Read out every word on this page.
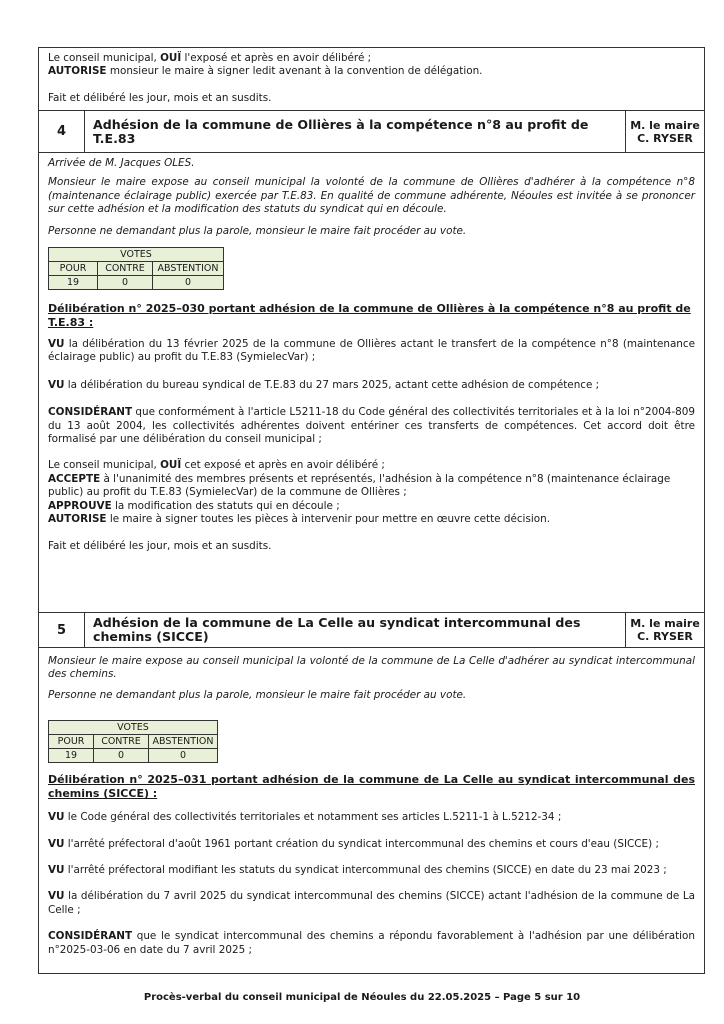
Le conseil municipal, OUÏ l'exposé et après en avoir délibéré ;

AUTORISE monsieur le maire à signer ledit avenant à la convention de délégation.

Fait et délibéré les jour, mois et an susdits.

4	Adhésion de la commune de Ollières à la compétence n°8 au profit de T.E.83
M. le maire
C. RYSER

Arrivée de M. Jacques OLES.

Monsieur le maire expose au conseil municipal la volonté de la commune de Ollières d'adhérer à la compétence n°8 (maintenance éclairage public) exercée par T.E.83. En qualité de commune adhérente, Néoules est invitée à se prononcer sur cette adhésion et la modification des statuts du syndicat qui en découle.

Personne ne demandant plus la parole, monsieur le maire fait procéder au vote.

VOTES		
POUR	CONTRE	ABSTENTION
19	0	0

Délibération n° 2025–030 portant adhésion de la commune de Ollières à la compétence n°8 au profit de T.E.83 :

VU la délibération du 13 février 2025 de la commune de Ollières actant le transfert de la compétence n°8 (maintenance éclairage public) au profit du T.E.83 (SymielecVar) ;

VU la délibération du bureau syndical de T.E.83 du 27 mars 2025, actant cette adhésion de compétence ;

CONSIDÉRANT que conformément à l'article L5211-18 du Code général des collectivités territoriales et à la loi n°2004-809 du 13 août 2004, les collectivités adhérentes doivent entériner ces transferts de compétences. Cet accord doit être formalisé par une délibération du conseil municipal ;

Le conseil municipal, OUÏ cet exposé et après en avoir délibéré ;

ACCEPTE à l'unanimité des membres présents et représentés, l'adhésion à la compétence n°8 (maintenance éclairage public) au profit du T.E.83 (SymielecVar) de la commune de Ollières ;

APPROUVE la modification des statuts qui en découle ;

AUTORISE le maire à signer toutes les pièces à intervenir pour mettre en œuvre cette décision.

Fait et délibéré les jour, mois et an susdits.

5	Adhésion de la commune de La Celle au syndicat intercommunal des chemins (SICCE)
M. le maire
C. RYSER

Monsieur le maire expose au conseil municipal la volonté de la commune de La Celle d'adhérer au syndicat intercommunal des chemins.

Personne ne demandant plus la parole, monsieur le maire fait procéder au vote.

VOTES		
POUR	CONTRE	ABSTENTION
19	0	0

Délibération n° 2025–031 portant adhésion de la commune de La Celle au syndicat intercommunal des chemins (SICCE) :

VU le Code général des collectivités territoriales et notamment ses articles L.5211-1 à L.5212-34 ;

VU l'arrêté préfectoral d'août 1961 portant création du syndicat intercommunal des chemins et cours d'eau (SICCE) ;

VU l'arrêté préfectoral modifiant les statuts du syndicat intercommunal des chemins (SICCE) en date du 23 mai 2023 ;

VU la délibération du 7 avril 2025 du syndicat intercommunal des chemins (SICCE) actant l'adhésion de la commune de La Celle ;

CONSIDÉRANT que le syndicat intercommunal des chemins a répondu favorablement à l'adhésion par une délibération n°2025-03-06 en date du 7 avril 2025 ;

Procès-verbal du conseil municipal de Néoules du 22.05.2025 – Page 5 sur 10
